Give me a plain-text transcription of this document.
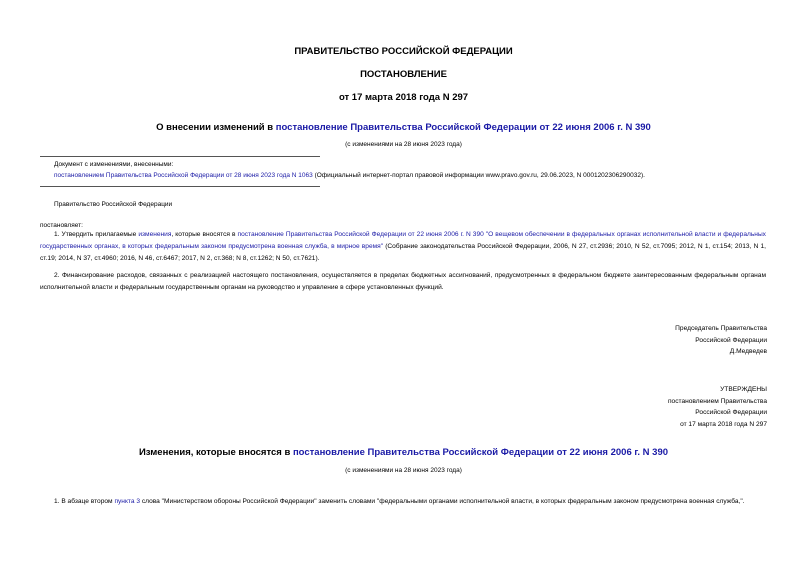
ПРАВИТЕЛЬСТВО РОССИЙСКОЙ ФЕДЕРАЦИИ
ПОСТАНОВЛЕНИЕ
от 17 марта 2018 года N 297
О внесении изменений в постановление Правительства Российской Федерации от 22 июня 2006 г. N 390
(с изменениями на 28 июня 2023 года)
Документ с изменениями, внесенными:
постановлением Правительства Российской Федерации от 28 июня 2023 года N 1063 (Официальный интернет-портал правовой информации www.pravo.gov.ru, 29.06.2023, N 0001202306290032).
Правительство Российской Федерации
постановляет:
1. Утвердить прилагаемые изменения, которые вносятся в постановление Правительства Российской Федерации от 22 июня 2006 г. N 390 "О вещевом обеспечении в федеральных органах исполнительной власти и федеральных государственных органах, в которых федеральным законом предусмотрена военная служба, в мирное время" (Собрание законодательства Российской Федерации, 2006, N 27, ст.2936; 2010, N 52, ст.7095; 2012, N 1, ст.154; 2013, N 1, ст.19; 2014, N 37, ст.4960; 2016, N 46, ст.6467; 2017, N 2, ст.368; N 8, ст.1262; N 50, ст.7621).
2. Финансирование расходов, связанных с реализацией настоящего постановления, осуществляется в пределах бюджетных ассигнований, предусмотренных в федеральном бюджете заинтересованным федеральным органам исполнительной власти и федеральным государственным органам на руководство и управление в сфере установленных функций.
Председатель Правительства
Российской Федерации
Д.Медведев
УТВЕРЖДЕНЫ
постановлением Правительства
Российской Федерации
от 17 марта 2018 года N 297
Изменения, которые вносятся в постановление Правительства Российской Федерации от 22 июня 2006 г. N 390
(с изменениями на 28 июня 2023 года)
1. В абзаце втором пункта 3 слова "Министерством обороны Российской Федерации" заменить словами "федеральными органами исполнительной власти, в которых федеральным законом предусмотрена военная служба,".
